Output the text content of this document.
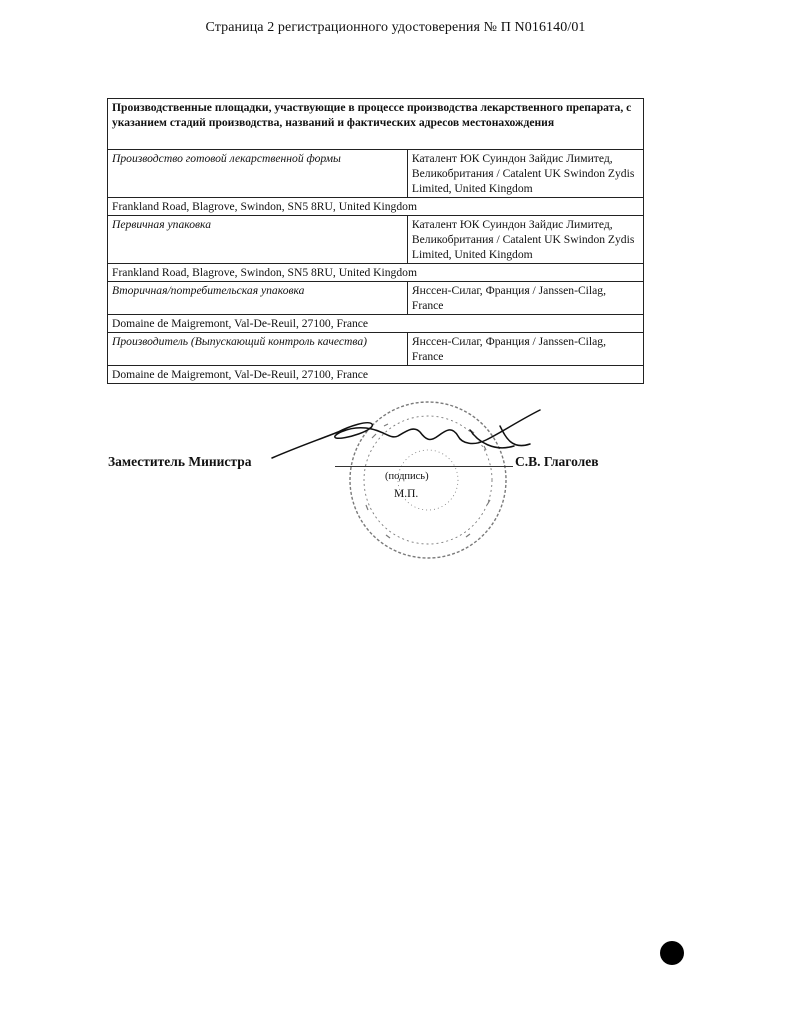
Страница 2 регистрационного удостоверения № П N016140/01
Производственные площадки, участвующие в процессе производства лекарственного препарата, с указанием стадий производства, названий и фактических адресов местонахождения	
Производство готовой лекарственной формы	Каталент ЮК Суиндон Зайдис Лимитед, Великобритания / Catalent UK Swindon Zydis Limited, United Kingdom
Frankland Road, Blagrove, Swindon, SN5 8RU, United Kingdom	
Первичная упаковка	Каталент ЮК Суиндон Зайдис Лимитед, Великобритания / Catalent UK Swindon Zydis Limited, United Kingdom
Frankland Road, Blagrove, Swindon, SN5 8RU, United Kingdom	
Вторичная/потребительская упаковка	Янссен-Силаг, Франция / Janssen-Cilag, France
Domaine de Maigremont, Val-De-Reuil, 27100, France	
Производитель (Выпускающий контроль качества)	Янссен-Силаг, Франция / Janssen-Cilag, France
Domaine de Maigremont, Val-De-Reuil, 27100, France	
Заместитель Министра	С.В. Глаголев
(подпись)
М.П.
